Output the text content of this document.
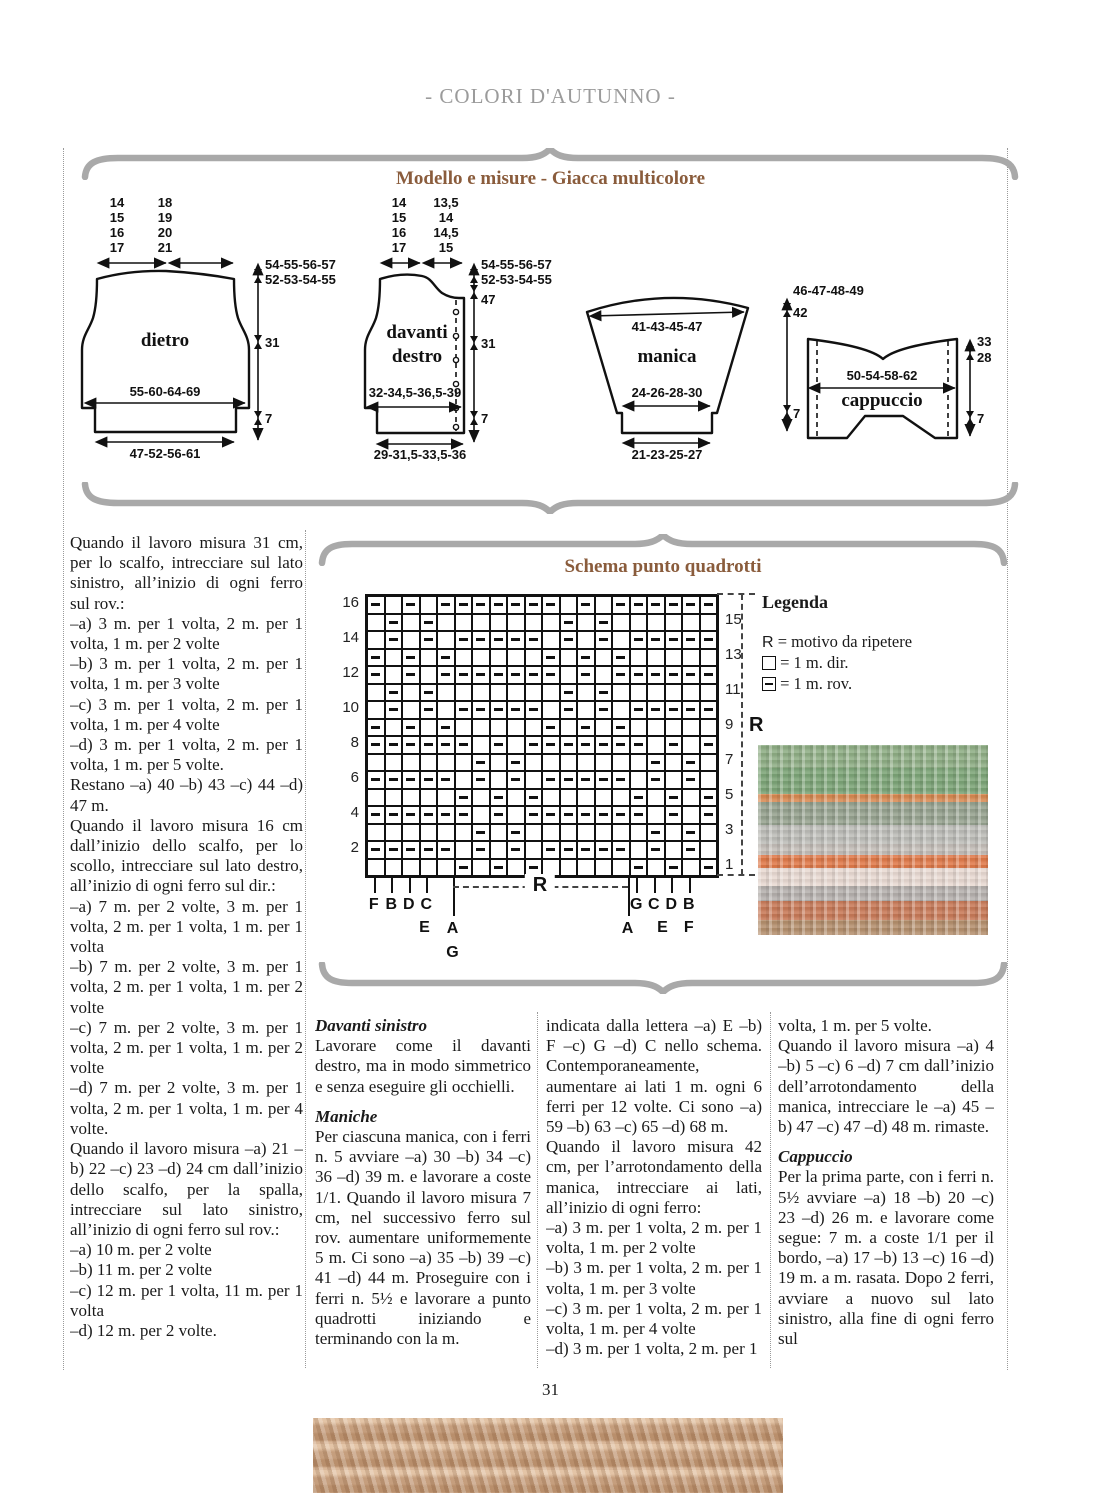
- COLORI D'AUTUNNO -
Modello e misure - Giacca multicolore
Schema punto quadrotti
14
15
16
17
18
19
20
21
dietro
55-60-64-69
47-52-56-61
54-55-56-57
52-53-54-55
31
7
14
15
16
17
13,5
14
14,5
15
davanti
destro
32-34,5-36,5-39
29-31,5-33,5-36
54-55-56-57
52-53-54-55
47
31
7
41-43-45-47
manica
24-26-28-30
21-23-25-27
46-47-48-49
42
7
50-54-58-62
cappuccio
33
28
7
Quando il lavoro misura 31 cm, per lo scalfo, intrecciare sul lato sinistro, all’inizio di ogni ferro sul rov.:
–a) 3 m. per 1 volta, 2 m. per 1 volta, 1 m. per 2 volte
–b) 3 m. per 1 volta, 2 m. per 1 volta, 1 m. per 3 volte
–c) 3 m. per 1 volta, 2 m. per 1 volta, 1 m. per 4 volte
–d) 3 m. per 1 volta, 2 m. per 1 volta, 1 m. per 5 volte.
Restano –a) 40 –b) 43 –c) 44 –d) 47 m.
Quando il lavoro misura 16 cm dall’inizio dello scalfo, per lo scollo, intrecciare sul lato destro, all’inizio di ogni ferro sul dir.:
–a) 7 m. per 2 volte, 3 m. per 1 volta, 2 m. per 1 volta, 1 m. per 1 volta
–b) 7 m. per 2 volte, 3 m. per 1 volta, 2 m. per 1 volta, 1 m. per 2 volte
–c) 7 m. per 2 volte, 3 m. per 1 volta, 2 m. per 1 volta, 1 m. per 2 volte
–d) 7 m. per 2 volte, 3 m. per 1 volta, 2 m. per 1 volta, 1 m. per 4 volte.
Quando il lavoro misura –a) 21 –b) 22 –c) 23 –d) 24 cm dall’inizio dello scalfo, per la spalla, intrecciare sul lato sinistro, all’inizio di ogni ferro sul rov.:
–a) 10 m. per 2 volte
–b) 11 m. per 2 volte
–c) 12 m. per 1 volta, 11 m. per 1 volta
–d) 12 m. per 2 volte.
Davanti sinistro
Lavorare come il davanti destro, ma in modo simmetrico e senza eseguire gli occhielli.
Maniche
Per ciascuna manica, con i ferri n. 5 avviare –a) 30 –b) 34 –c) 36 –d) 39 m. e lavorare a coste 1/1. Quando il lavoro misura 7 cm, nel successivo ferro sul rov. aumentare uniformemente 5 m. Ci sono –a) 35 –b) 39 –c) 41 –d) 44 m. Proseguire con i ferri n. 5½ e lavorare a punto quadrotti iniziando e terminando con la m.
indicata dalla lettera –a) E –b) F –c) G –d) C nello schema. Contemporaneamente, aumentare ai lati 1 m. ogni 6 ferri per 12 volte. Ci sono –a) 59 –b) 63 –c) 65 –d) 68 m.
Quando il lavoro misura 42 cm, per l’arrotondamento della manica, intrecciare ai lati, all’inizio di ogni ferro:
–a) 3 m. per 1 volta, 2 m. per 1 volta, 1 m. per 2 volte
–b) 3 m. per 1 volta, 2 m. per 1 volta, 1 m. per 3 volte
–c) 3 m. per 1 volta, 2 m. per 1 volta, 1 m. per 4 volte
–d) 3 m. per 1 volta, 2 m. per 1
volta, 1 m. per 5 volte.
Quando il lavoro misura –a) 4 –b) 5 –c) 6 –d) 7 cm dall’inizio dell’arrotondamento della manica, intrecciare le –a) 45 –b) 47 –c) 47 –d) 48 m. rimaste.
Cappuccio
Per la prima parte, con i ferri n. 5½ avviare –a) 18 –b) 20 –c) 23 –d) 26 m. e lavorare come segue: 7 m. a coste 1/1 per il bordo, –a) 17 –b) 13 –c) 16 –d) 19 m. a m. rasata. Dopo 2 ferri, avviare a nuovo sul lato sinistro, alla fine di ogni ferro sul
16
14
12
10
8
6
4
2
15
13
11
9
7
5
3
1
F B D C
E A
G
A
R
G C D B
E F
R
Legenda
R = motivo da ripetere
= 1 m. dir.
= 1 m. rov.
31
